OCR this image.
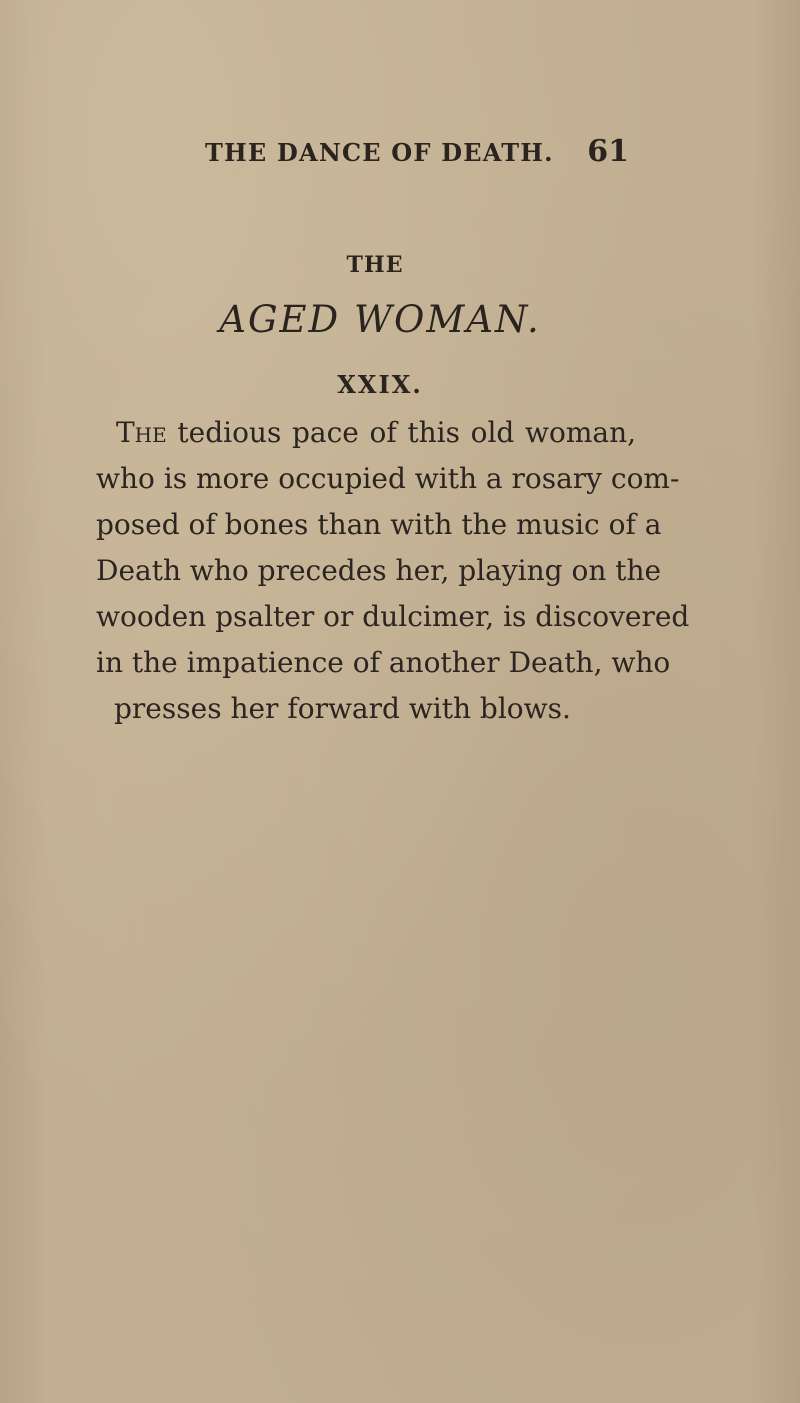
THE DANCE OF DEATH. 61
THE
AGED WOMAN.
XXIX.
The tedious pace of this old woman,
who is more occupied with a rosary com-
posed of bones than with the music of a
Death who precedes her, playing on the
wooden psalter or dulcimer, is discovered
in the impatience of another Death, who
presses her forward with blows.
